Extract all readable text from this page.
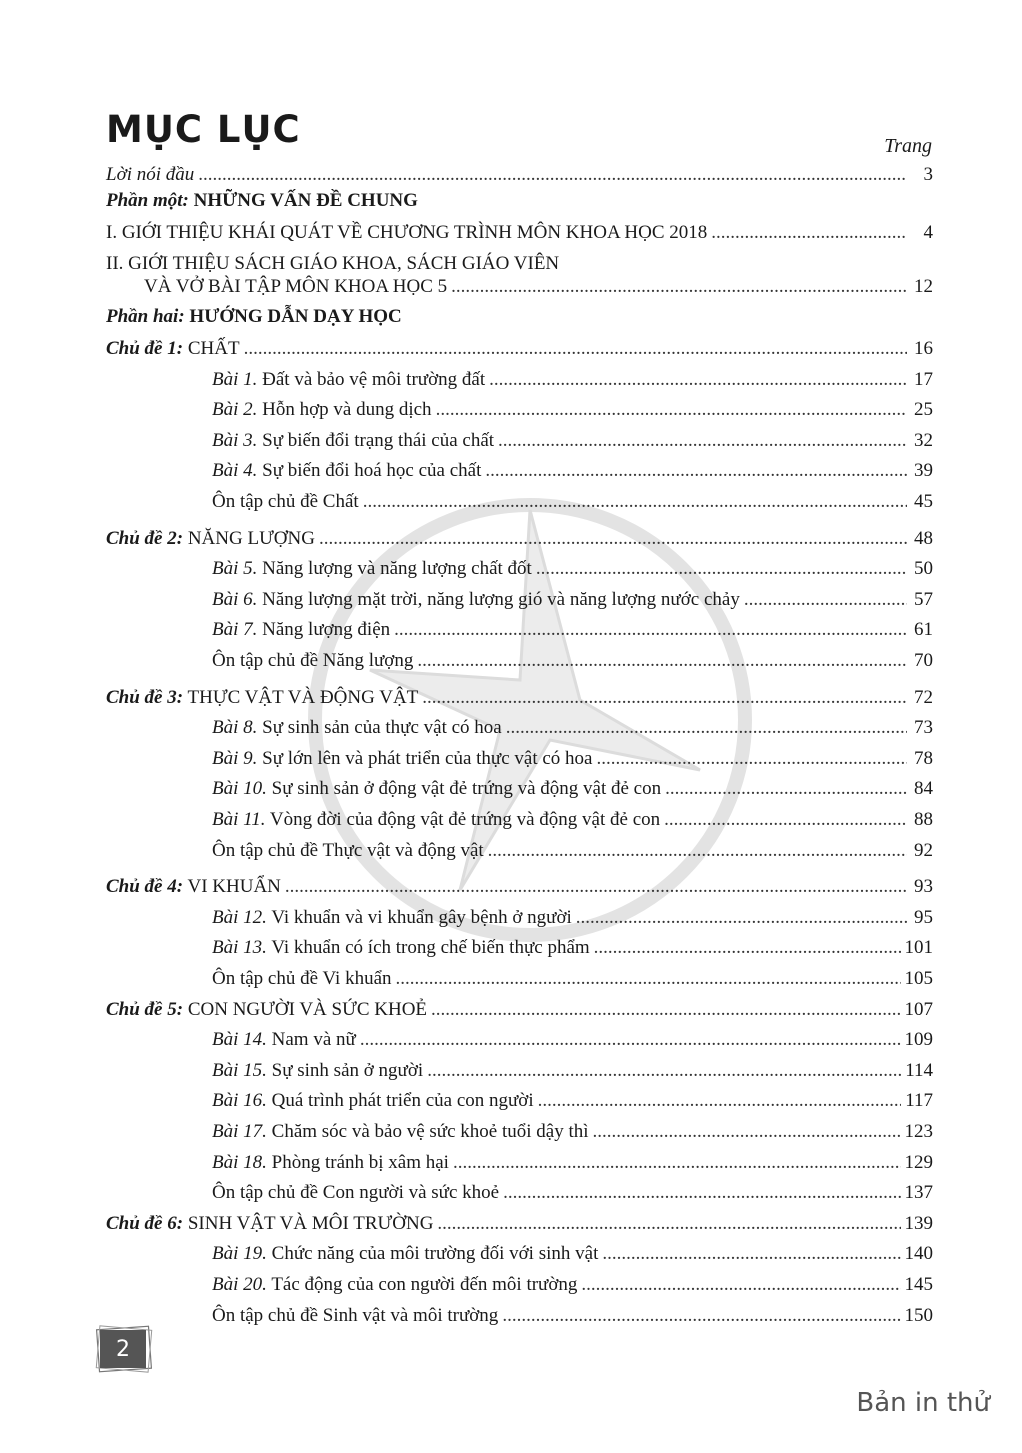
MỤC LỤC	Trang
Lời nói đầu .....	3
Phần một: NHỮNG VẤN ĐỀ CHUNG
I. GIỚI THIỆU KHÁI QUÁT VỀ CHƯƠNG TRÌNH MÔN KHOA HỌC 2018 .....	4
II. GIỚI THIỆU SÁCH GIÁO KHOA, SÁCH GIÁO VIÊN
VÀ VỞ BÀI TẬP MÔN KHOA HỌC 5 .....	12
Phần hai: HƯỚNG DẪN DẠY HỌC
Chủ đề 1: CHẤT .....	16
Bài 1. Đất và bảo vệ môi trường đất .....	17
Bài 2. Hỗn hợp và dung dịch .....	25
Bài 3. Sự biến đổi trạng thái của chất .....	32
Bài 4. Sự biến đổi hoá học của chất .....	39
Ôn tập chủ đề Chất .....	45
Chủ đề 2: NĂNG LƯỢNG .....	48
Bài 5. Năng lượng và năng lượng chất đốt .....	50
Bài 6. Năng lượng mặt trời, năng lượng gió và năng lượng nước chảy .....	57
Bài 7. Năng lượng điện .....	61
Ôn tập chủ đề Năng lượng .....	70
Chủ đề 3: THỰC VẬT VÀ ĐỘNG VẬT .....	72
Bài 8. Sự sinh sản của thực vật có hoa .....	73
Bài 9. Sự lớn lên và phát triển của thực vật có hoa .....	78
Bài 10. Sự sinh sản ở động vật đẻ trứng và động vật đẻ con .....	84
Bài 11. Vòng đời của động vật đẻ trứng và động vật đẻ con .....	88
Ôn tập chủ đề Thực vật và động vật .....	92
Chủ đề 4: VI KHUẨN .....	93
Bài 12. Vi khuẩn và vi khuẩn gây bệnh ở người .....	95
Bài 13. Vi khuẩn có ích trong chế biến thực phẩm .....	101
Ôn tập chủ đề Vi khuẩn .....	105
Chủ đề 5: CON NGƯỜI VÀ SỨC KHOẺ .....	107
Bài 14. Nam và nữ .....	109
Bài 15. Sự sinh sản ở người .....	114
Bài 16. Quá trình phát triển của con người .....	117
Bài 17. Chăm sóc và bảo vệ sức khoẻ tuổi dậy thì .....	123
Bài 18. Phòng tránh bị xâm hại .....	129
Ôn tập chủ đề Con người và sức khoẻ .....	137
Chủ đề 6: SINH VẬT VÀ MÔI TRƯỜNG .....	139
Bài 19. Chức năng của môi trường đối với sinh vật .....	140
Bài 20. Tác động của con người đến môi trường .....	145
Ôn tập chủ đề Sinh vật và môi trường .....	150
2
Bản in thử
